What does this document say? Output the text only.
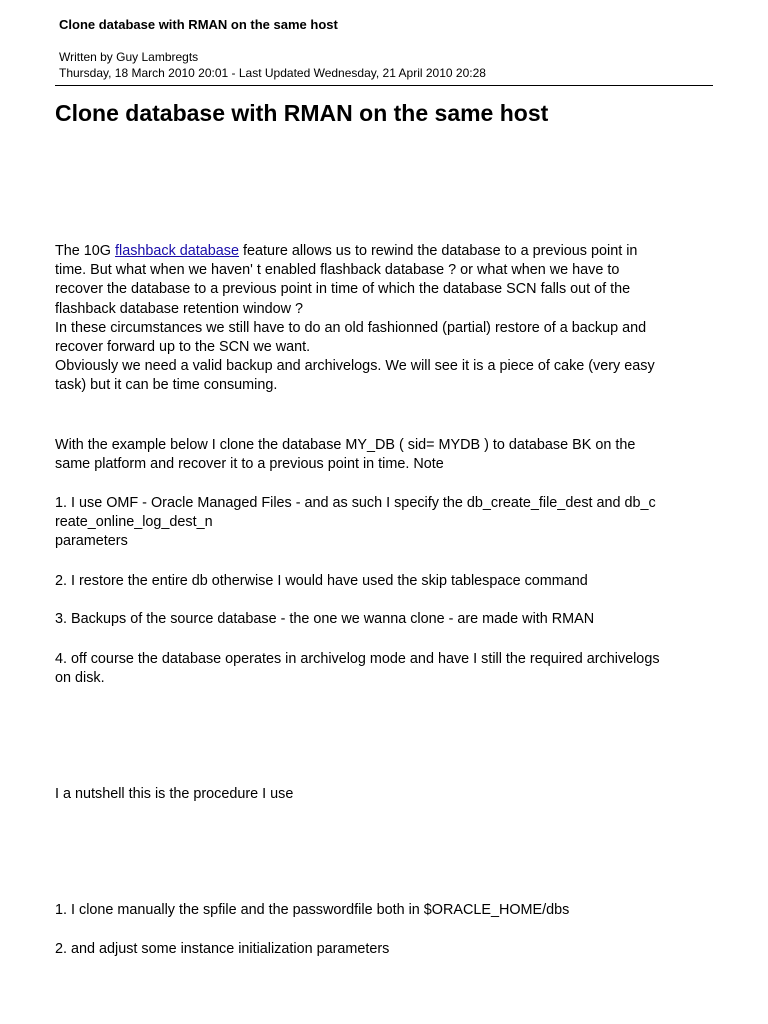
Clone database with RMAN on the same host
Written by Guy Lambregts
Thursday, 18 March 2010 20:01 - Last Updated Wednesday, 21 April 2010 20:28
Clone database with RMAN on the same host
The 10G flashback database feature allows us to rewind the database to a previous point in
time. But what when we haven' t enabled flashback database ? or what when we have to
recover the database to a previous point in time of which the database SCN falls out of the
flashback database retention window ?
In these circumstances we still have to do an old fashionned (partial) restore of a backup and
recover forward up to the SCN we want.
Obviously we need a valid backup and archivelogs. We will see it is a piece of cake (very easy
task) but it can be time consuming.
With the example below I clone the database MY_DB ( sid= MYDB ) to database BK on the
same platform and recover it to a previous point in time. Note
1. I use OMF - Oracle Managed Files - and as such I specify the db_create_file_dest and db_c
reate_online_log_dest_n
parameters
2. I restore the entire db otherwise I would have used the skip tablespace command
3. Backups of the source database - the one we wanna clone - are made with RMAN
4. off course the database operates in archivelog mode and have I still the required archivelogs
on disk.
I a nutshell this is the procedure I use
1. I clone manually the spfile and the passwordfile both in $ORACLE_HOME/dbs
2. and adjust some instance initialization parameters
